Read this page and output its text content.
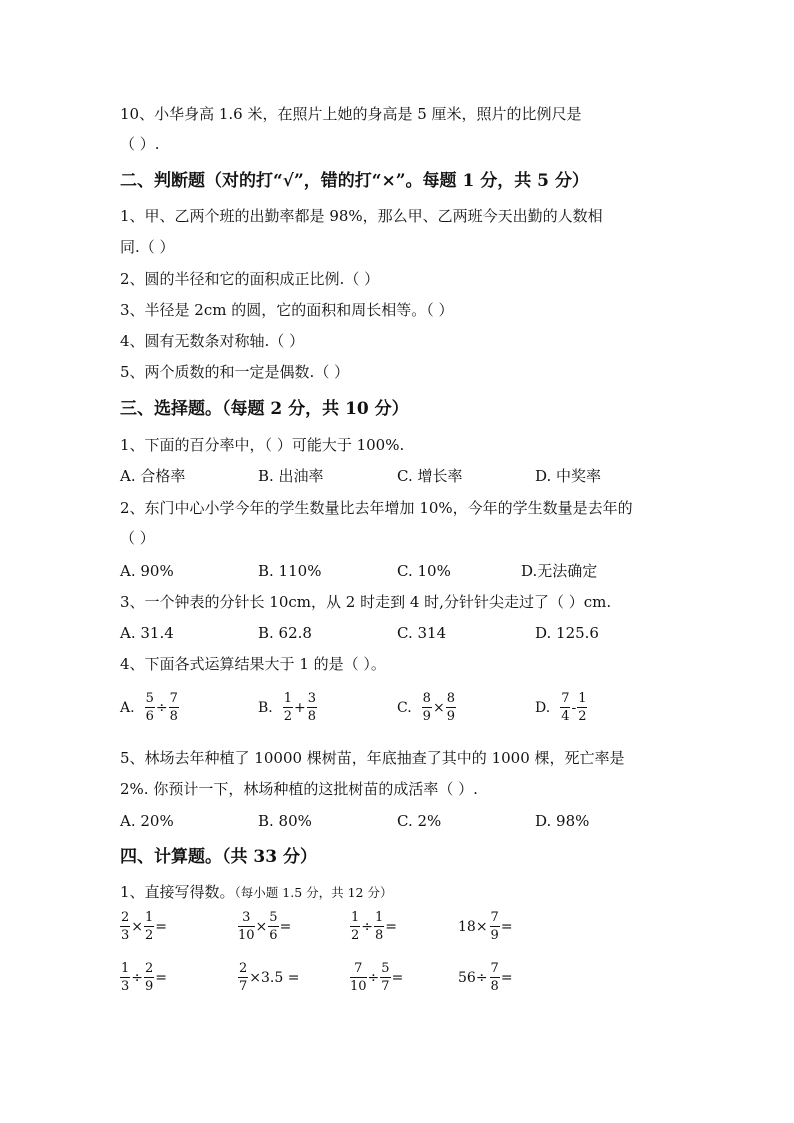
10、小华身高 1.6 米，在照片上她的身高是 5 厘米，照片的比例尺是
（ ）.
二、判断题（对的打“√”，错的打“×”。每题 1 分，共 5 分）
1、甲、乙两个班的出勤率都是 98%，那么甲、乙两班今天出勤的人数相
同.（ ）
2、圆的半径和它的面积成正比例.（ ）
3、半径是 2cm 的圆，它的面积和周长相等。（ ）
4、圆有无数条对称轴.（ ）
5、两个质数的和一定是偶数.（ ）
三、选择题。（每题 2 分，共 10 分）
1、下面的百分率中，（ ）可能大于 100%.
A. 合格率	B. 出油率	C. 增长率	D. 中奖率
2、东门中心小学今年的学生数量比去年增加 10%，今年的学生数量是去年的
（ ）
A. 90%	B. 110%	C. 10%	D.无法确定
3、一个钟表的分针长 10cm，从 2 时走到 4 时,分针针尖走过了（ ）cm.
A. 31.4	B. 62.8	C. 314	D. 125.6
4、下面各式运算结果大于 1 的是（ ）。
A. $\frac{5}{6} \div \frac{7}{8}$	B. $\frac{1}{2} + \frac{3}{8}$	C. $\frac{8}{9} \times \frac{8}{9}$	D. $\frac{7}{4} - \frac{1}{2}$
5、林场去年种植了 10000 棵树苗，年底抽查了其中的 1000 棵，死亡率是
2%. 你预计一下，林场种植的这批树苗的成活率（ ）.
A. 20%	B. 80%	C. 2%	D. 98%
四、计算题。（共 33 分）
1、直接写得数。（每小题 1.5 分，共 12 分）
$\frac{2}{3} \times \frac{1}{2}$ =	$\frac{3}{10} \times \frac{5}{6}$ =	$\frac{1}{2} \div \frac{1}{8}$ =	$18\times \frac{7}{9}$ =
$\frac{1}{3} \div \frac{2}{9}$ =	$\frac{2}{7} \times 3.5$ =	$\frac{7}{10} \div \frac{5}{7}$ =	$56\div \frac{7}{8}$ =
